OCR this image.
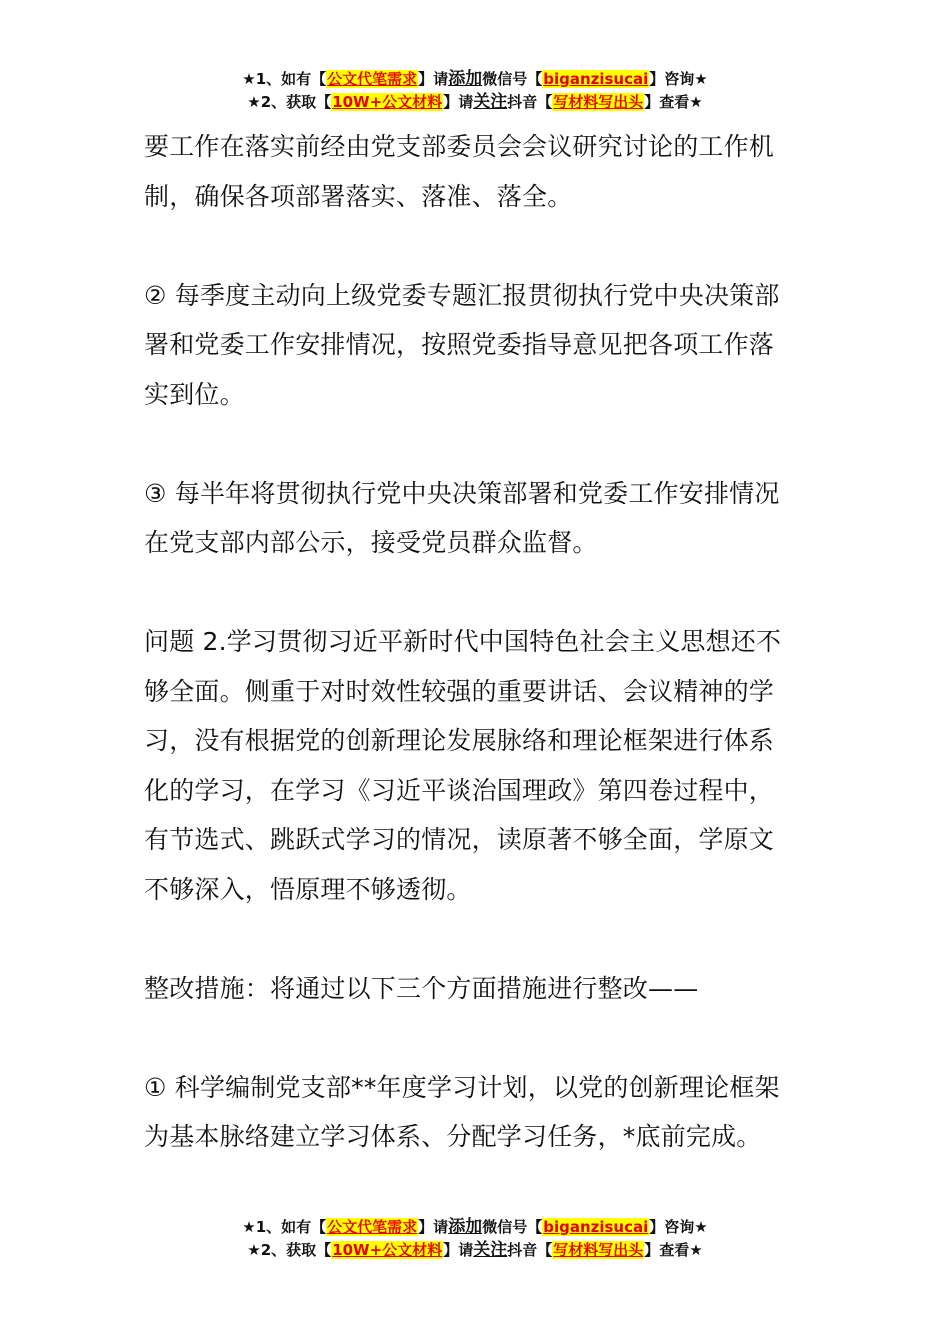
★1、如有【公文代笔需求】请添加微信号【biganzisucai】咨询★
★2、获取【10W+公文材料】请关注抖音【写材料写出头】查看★

要工作在落实前经由党支部委员会会议研究讨论的工作机
制，确保各项部署落实、落准、落全。

② 每季度主动向上级党委专题汇报贯彻执行党中央决策部
署和党委工作安排情况，按照党委指导意见把各项工作落
实到位。

③ 每半年将贯彻执行党中央决策部署和党委工作安排情况
在党支部内部公示，接受党员群众监督。

问题 2.学习贯彻习近平新时代中国特色社会主义思想还不
够全面。侧重于对时效性较强的重要讲话、会议精神的学
习，没有根据党的创新理论发展脉络和理论框架进行体系
化的学习，在学习《习近平谈治国理政》第四卷过程中，
有节选式、跳跃式学习的情况，读原著不够全面，学原文
不够深入，悟原理不够透彻。

整改措施：将通过以下三个方面措施进行整改——

① 科学编制党支部**年度学习计划，以党的创新理论框架
为基本脉络建立学习体系、分配学习任务，*底前完成。

★1、如有【公文代笔需求】请添加微信号【biganzisucai】咨询★
★2、获取【10W+公文材料】请关注抖音【写材料写出头】查看★
